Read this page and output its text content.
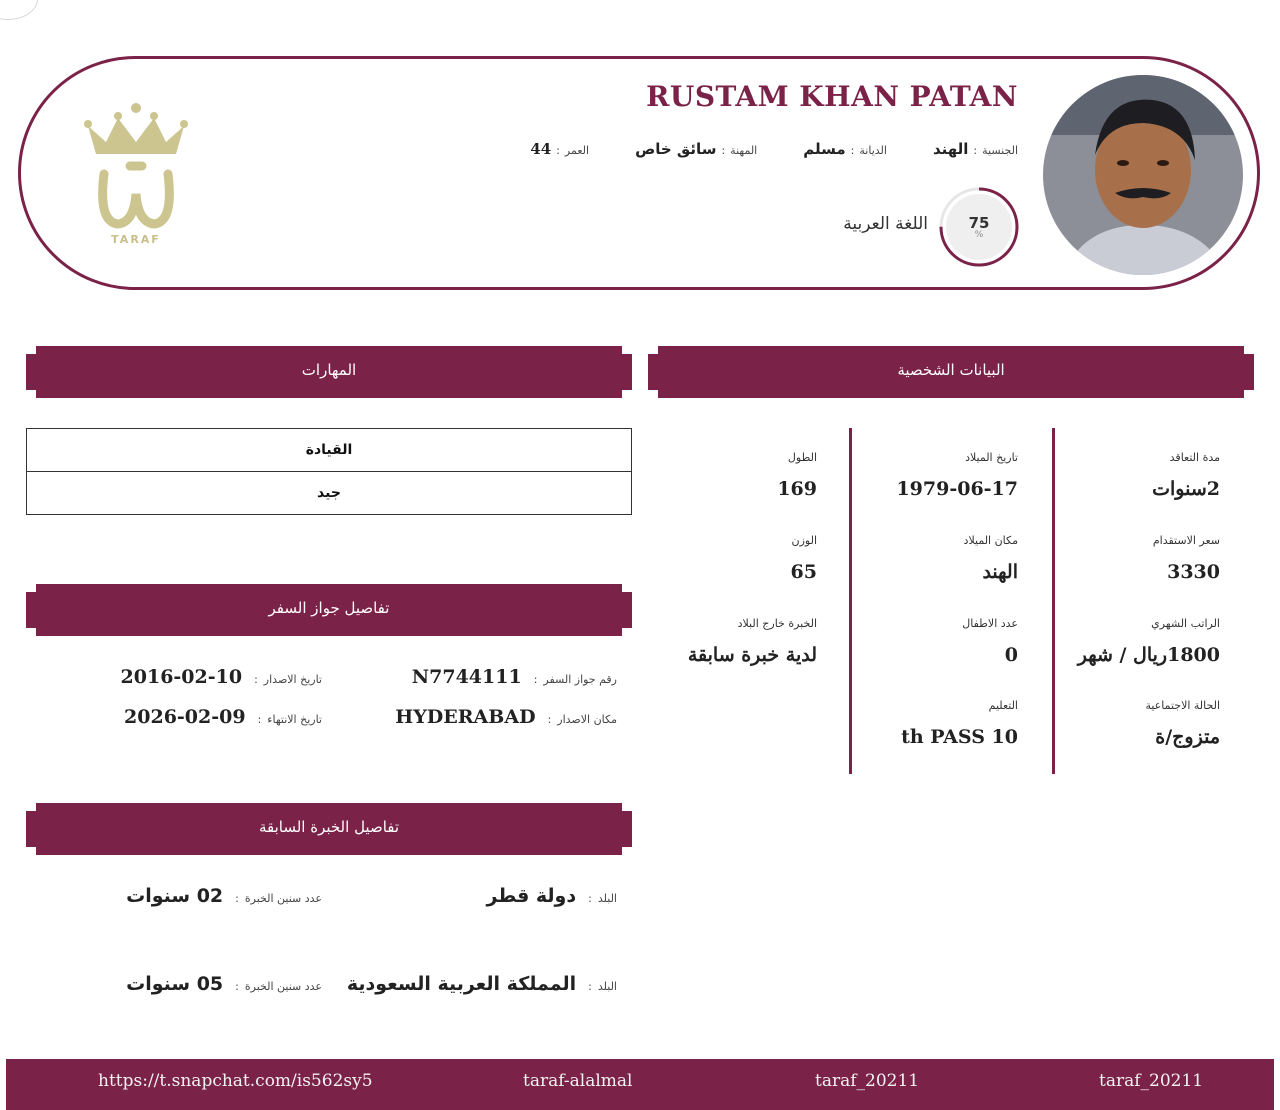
RUSTAM KHAN PATAN
الجنسية
:
الهند
الديانة
:
مسلم
المهنة
:
سائق خاص
العمر
:
44
75
%
اللغة العربية
TARAF
البيانات الشخصية
مدة التعاقد
2سنوات
سعر الاستقدام
3330
الراتب الشهري
1800ريال / شهر
الحالة الاجتماعية
متزوج/ة
تاريخ الميلاد
1979-06-17
مكان الميلاد
الهند
عدد الاطفال
0
التعليم
th PASS 10
الطول
169
الوزن
65
الخبرة خارج البلاد
لدية خبرة سابقة
المهارات
القيادة
جيد
تفاصيل جواز السفر
رقم جواز السفر
:
N7744111
تاريخ الاصدار
:
2016-02-10
مكان الاصدار
:
HYDERABAD
تاريخ الانتهاء
:
2026-02-09
تفاصيل الخبرة السابقة
البلد
:
دولة قطر
عدد سنين الخبرة
:
02 سنوات
البلد
:
المملكة العربية السعودية
عدد سنين الخبرة
:
05 سنوات
https://t.snapchat.com/is562sy5	taraf-alalmal	taraf_20211	taraf_20211
